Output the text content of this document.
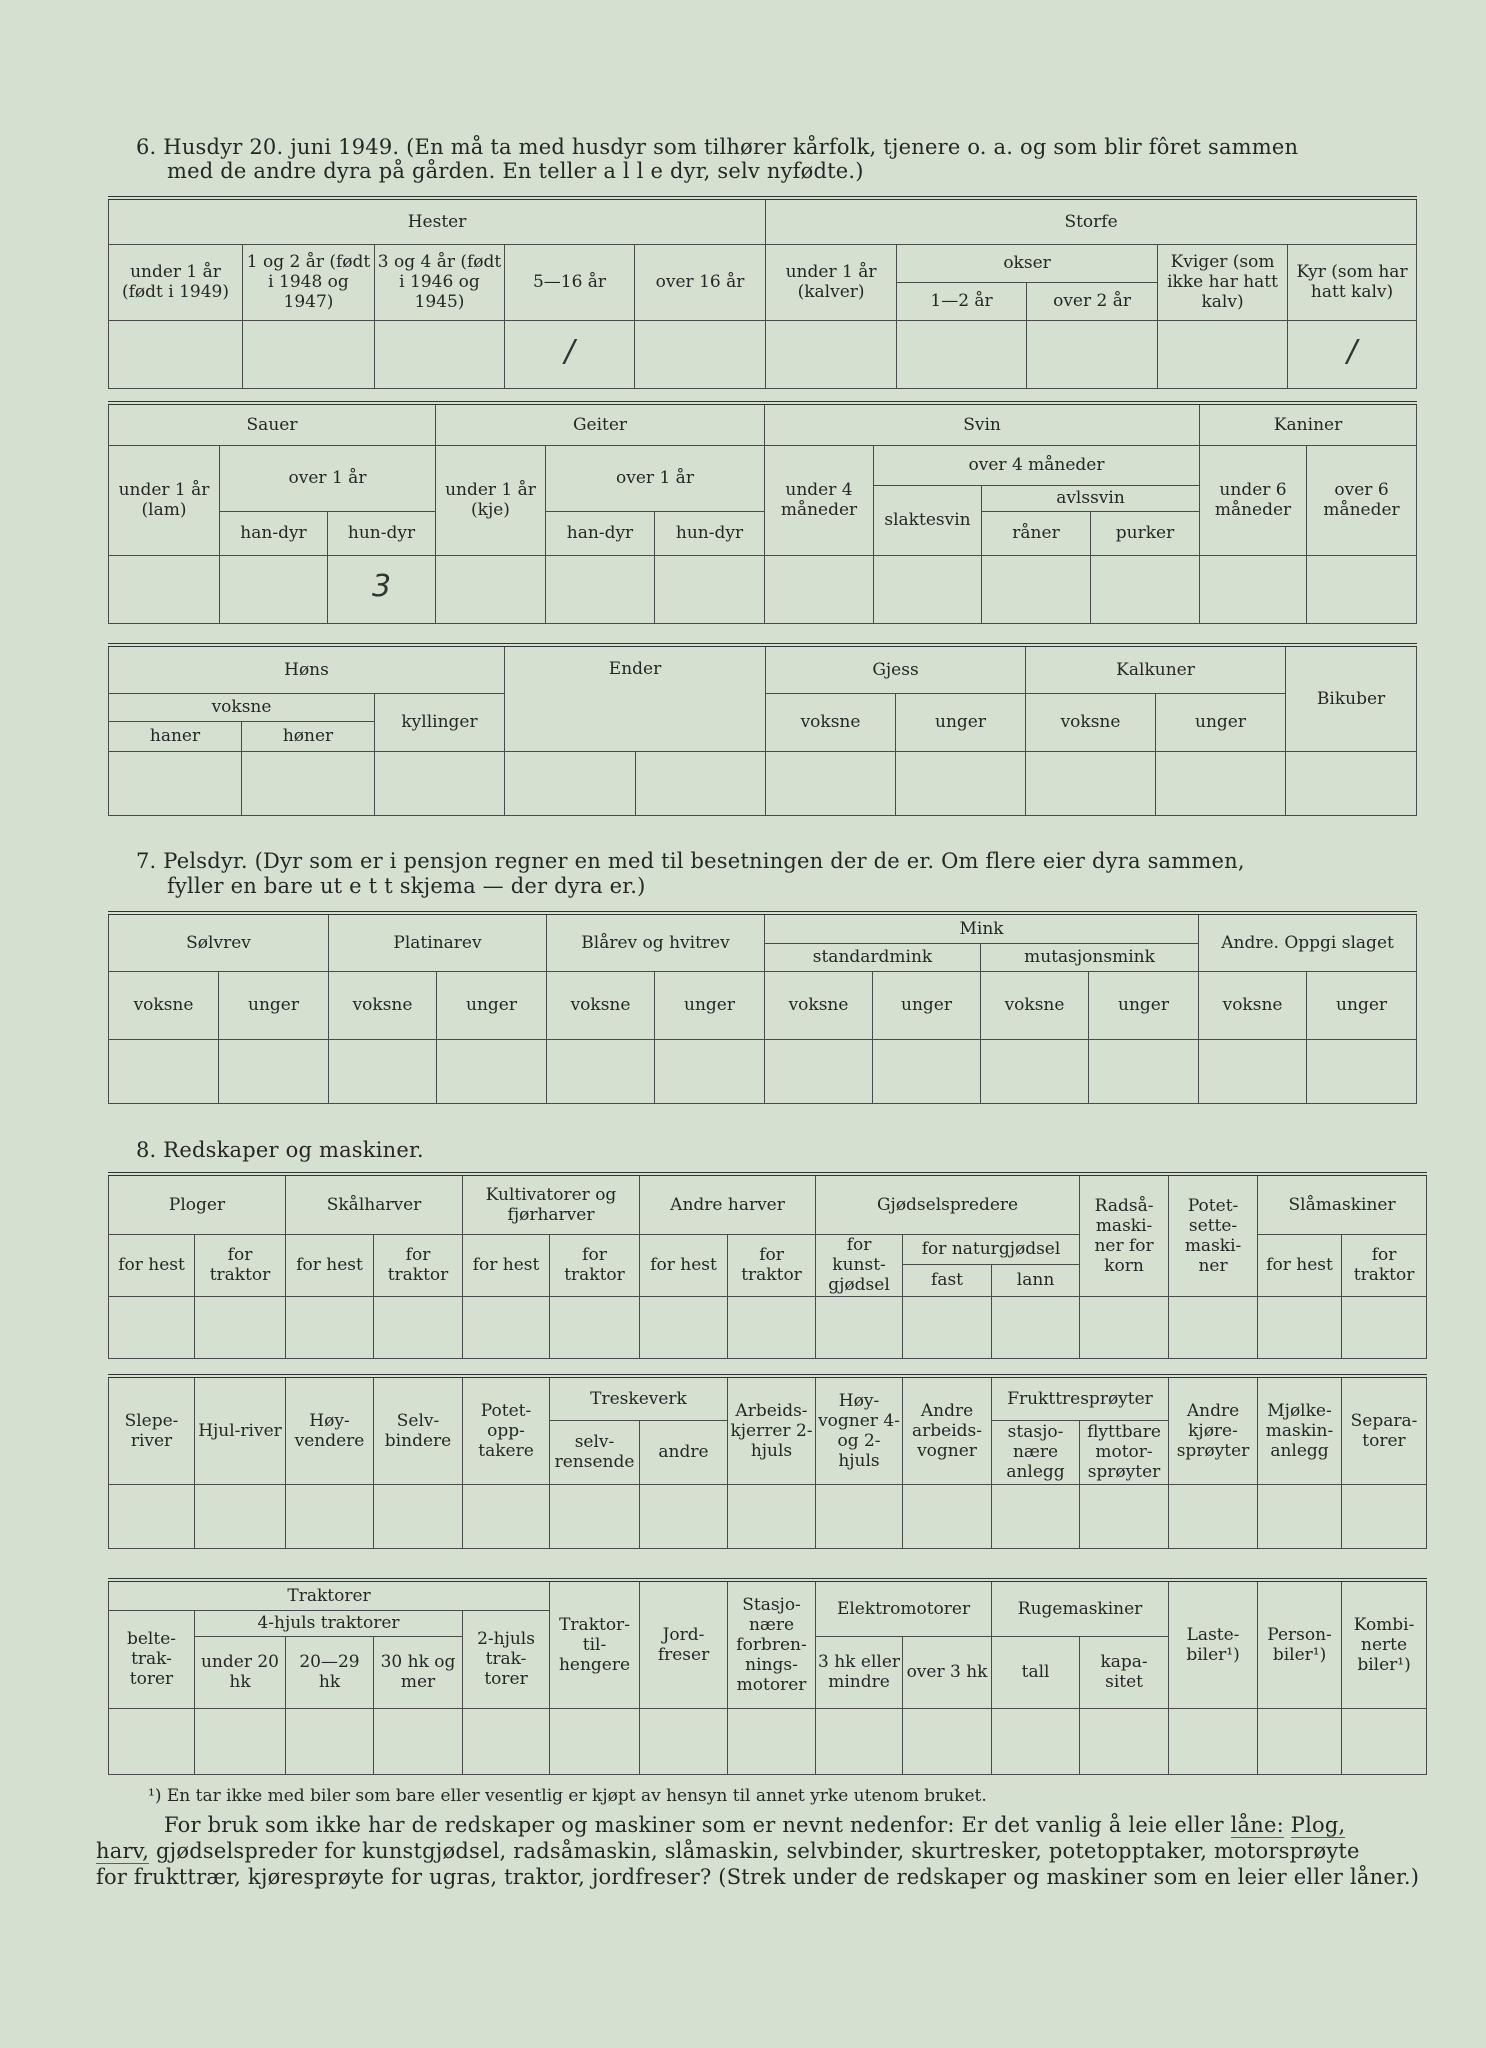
6. Husdyr 20. juni 1949. (En må ta med husdyr som tilhører kårfolk, tjenere o. a. og som blir fôret sammen
med de andre dyra på gården. En teller a l l e dyr, selv nyfødte.)
Hester					Storfe				
under 1 år (født i 1949)	1 og 2 år (født i 1948 og 1947)	3 og 4 år (født i 1946 og 1945)	5—16 år	over 16 år	under 1 år (kalver)	okser		Kviger (som ikke har hatt kalv)	Kyr (som har hatt kalv)
						1—2 år	over 2 år		
			/						/
Sauer			Geiter			Svin				Kaniner	
under 1 år (lam)	over 1 år		under 1 år (kje)	over 1 år		under 4 måneder	over 4 måneder			under 6 måneder	over 6 måneder
							slaktesvin	avlssvin			
	han-dyr	hun-dyr		han-dyr	hun-dyr			råner	purker		
		3									
Høns			Ender		Gjess		Kalkuner		Bikuber
voksne		kyllinger			voksne	unger	voksne	unger	
haner	høner								

7. Pelsdyr. (Dyr som er i pensjon regner en med til besetningen der de er. Om flere eier dyra sammen,
fyller en bare ut e t t skjema — der dyra er.)
Sølvrev		Platinarev		Blårev og hvitrev		Mink				Andre. Oppgi slaget	
						standardmink		mutasjonsmink			
voksne	unger	voksne	unger	voksne	unger	voksne	unger	voksne	unger	voksne	unger

8. Redskaper og maskiner.
Ploger		Skålharver		Kultivatorer og fjørharver		Andre harver		Gjødselspredere			Radså-maski-ner for korn	Potet-sette-maski-ner	Slåmaskiner	
for hest	for traktor	for hest	for traktor	for hest	for traktor	for hest	for traktor	for kunst-gjødsel	for naturgjødsel				for hest	for traktor
									fast	lann				

Slepe-river	Hjul-river	Høy-vendere	Selv-bindere	Potet-opp-takere	Treskeverk		Arbeids-kjerrer 2-hjuls	Høy-vogner 4- og 2-hjuls	Andre arbeids-vogner	Frukttresprøyter		Andre kjøre-sprøyter	Mjølke-maskin-anlegg	Separa-torer
					selv-rensende	andre				stasjo-nære anlegg	flyttbare motor-sprøyter			

Traktorer					Traktor-til-hengere	Jord-freser	Stasjo-nære forbren-nings-motorer	Elektromotorer		Rugemaskiner		Laste-biler¹)	Person-biler¹)	Kombi-nerte biler¹)
belte-trak-torer	4-hjuls traktorer			2-hjuls trak-torer										
	under 20 hk	20—29 hk	30 hk og mer					3 hk eller mindre	over 3 hk	tall	kapa-sitet			

¹) En tar ikke med biler som bare eller vesentlig er kjøpt av hensyn til annet yrke utenom bruket.
For bruk som ikke har de redskaper og maskiner som er nevnt nedenfor: Er det vanlig å leie eller låne: Plog,
harv, gjødselspreder for kunstgjødsel, radsåmaskin, slåmaskin, selvbinder, skurtresker, potetopptaker, motorsprøyte
for frukttrær, kjøresprøyte for ugras, traktor, jordfreser? (Strek under de redskaper og maskiner som en leier eller låner.)
